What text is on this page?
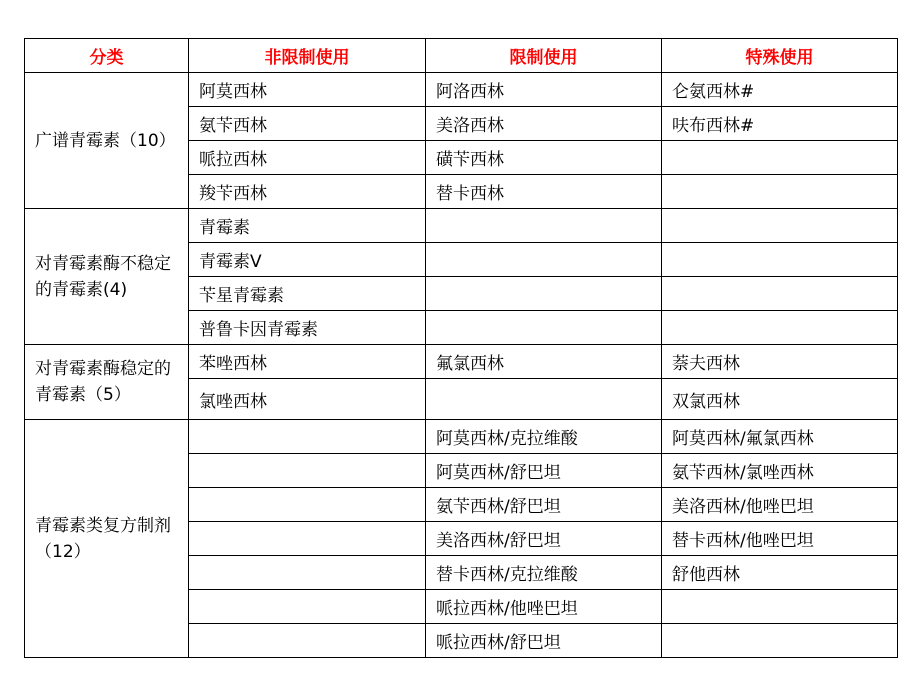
分类	非限制使用	限制使用	特殊使用
广谱青霉素（10）	阿莫西林	阿洛西林	仑氨西林#
	氨苄西林	美洛西林	呋布西林#
	哌拉西林	磺苄西林	
	羧苄西林	替卡西林	
对青霉素酶不稳定的青霉素(4)	青霉素		
	青霉素V		
	苄星青霉素		
	普鲁卡因青霉素		
对青霉素酶稳定的青霉素（5）	苯唑西林	氟氯西林	萘夫西林
	氯唑西林		双氯西林
青霉素类复方制剂（12）		阿莫西林/克拉维酸	阿莫西林/氟氯西林
		阿莫西林/舒巴坦	氨苄西林/氯唑西林
		氨苄西林/舒巴坦	美洛西林/他唑巴坦
		美洛西林/舒巴坦	替卡西林/他唑巴坦
		替卡西林/克拉维酸	舒他西林
		哌拉西林/他唑巴坦	
		哌拉西林/舒巴坦	
